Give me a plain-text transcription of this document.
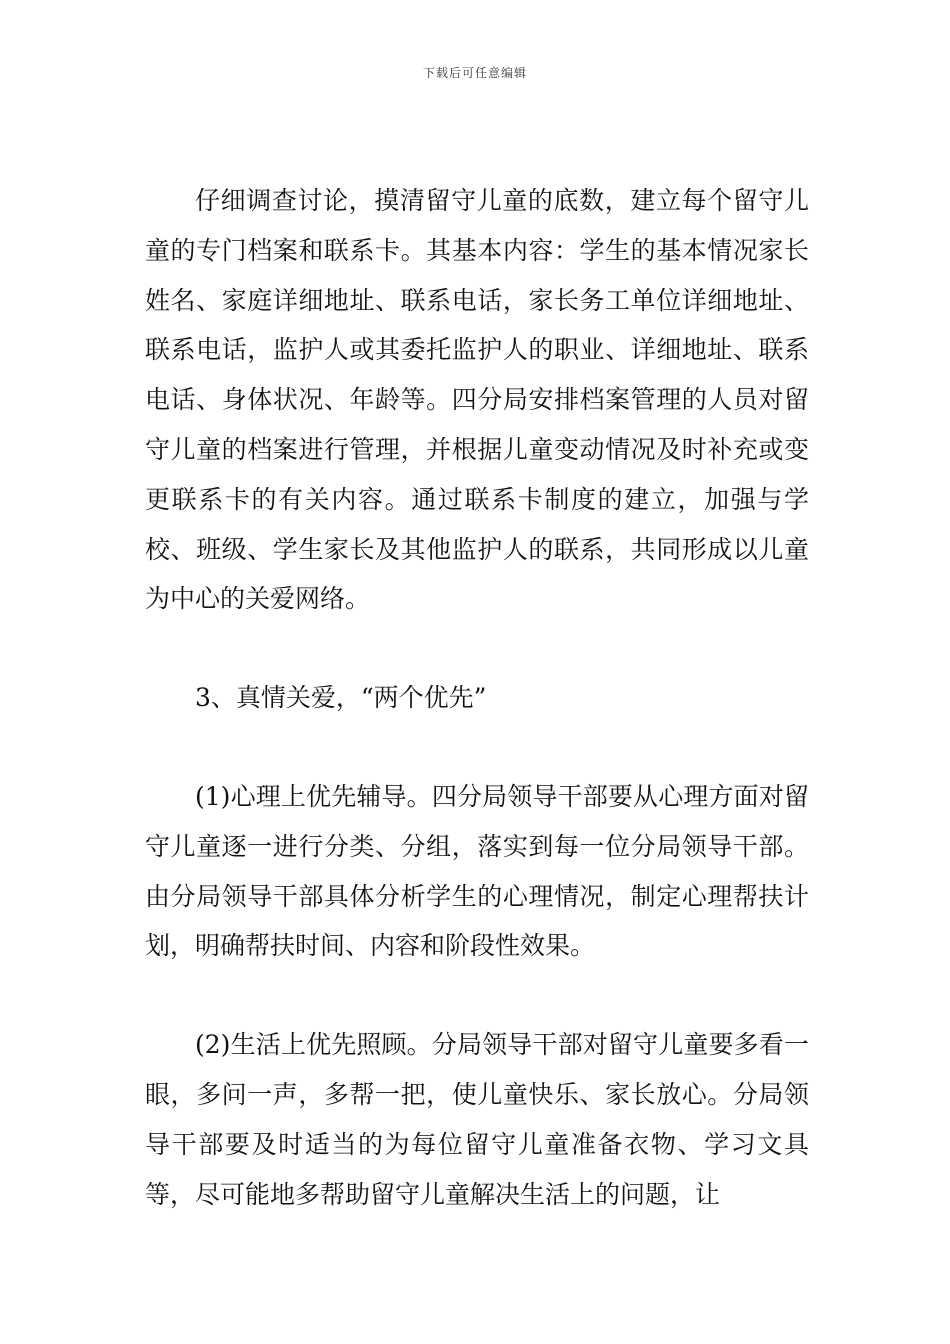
下载后可任意编辑

仔细调查讨论，摸清留守儿童的底数，建立每个留守儿童的专门档案和联系卡。其基本内容：学生的基本情况家长姓名、家庭详细地址、联系电话，家长务工单位详细地址、联系电话，监护人或其委托监护人的职业、详细地址、联系电话、身体状况、年龄等。四分局安排档案管理的人员对留守儿童的档案进行管理，并根据儿童变动情况及时补充或变更联系卡的有关内容。通过联系卡制度的建立，加强与学校、班级、学生家长及其他监护人的联系，共同形成以儿童为中心的关爱网络。

3、真情关爱，“两个优先”

(1)心理上优先辅导。四分局领导干部要从心理方面对留守儿童逐一进行分类、分组，落实到每一位分局领导干部。由分局领导干部具体分析学生的心理情况，制定心理帮扶计划，明确帮扶时间、内容和阶段性效果。

(2)生活上优先照顾。分局领导干部对留守儿童要多看一眼，多问一声，多帮一把，使儿童快乐、家长放心。分局领导干部要及时适当的为每位留守儿童准备衣物、学习文具等，尽可能地多帮助留守儿童解决生活上的问题，让
